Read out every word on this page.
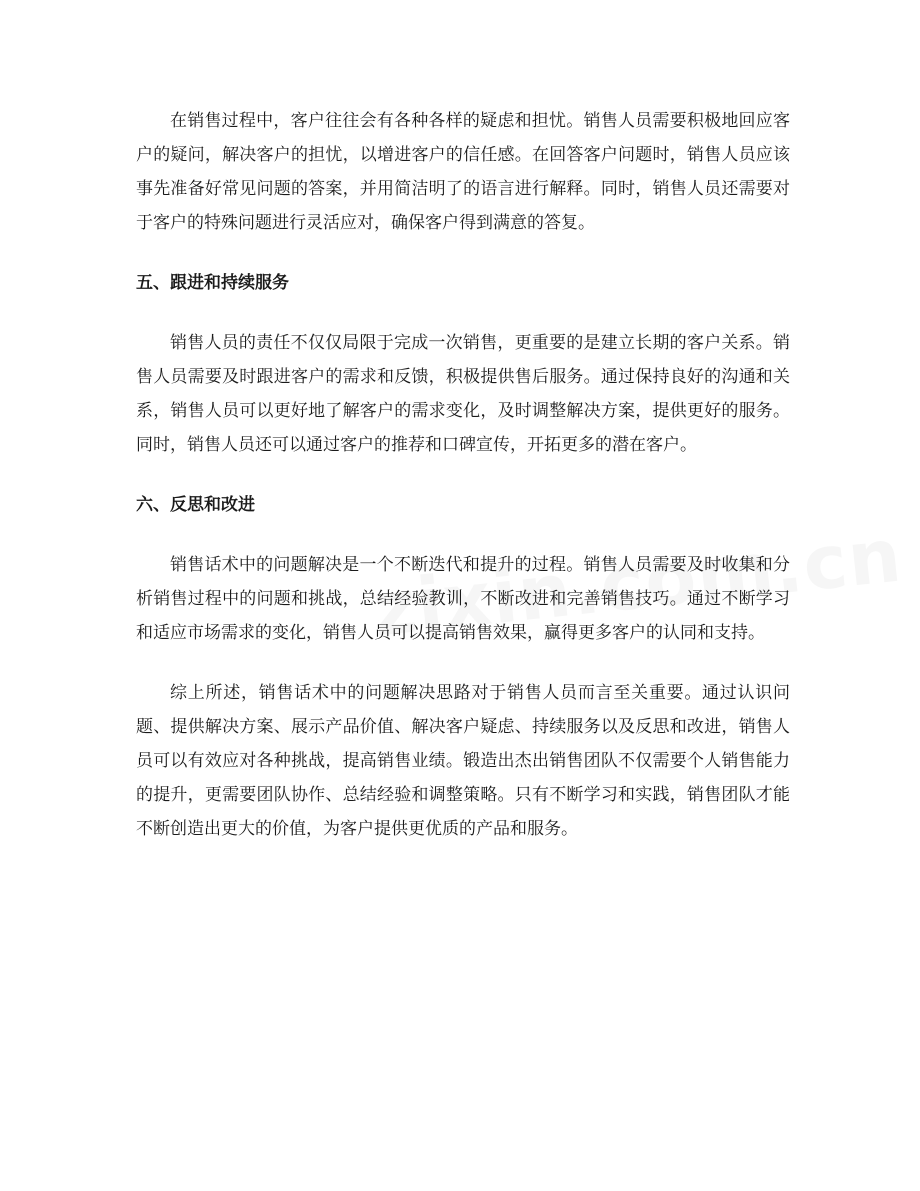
在销售过程中，客户往往会有各种各样的疑虑和担忧。销售人员需要积极地回应客户的疑问，解决客户的担忧，以增进客户的信任感。在回答客户问题时，销售人员应该事先准备好常见问题的答案，并用简洁明了的语言进行解释。同时，销售人员还需要对于客户的特殊问题进行灵活应对，确保客户得到满意的答复。

五、跟进和持续服务

销售人员的责任不仅仅局限于完成一次销售，更重要的是建立长期的客户关系。销售人员需要及时跟进客户的需求和反馈，积极提供售后服务。通过保持良好的沟通和关系，销售人员可以更好地了解客户的需求变化，及时调整解决方案，提供更好的服务。同时，销售人员还可以通过客户的推荐和口碑宣传，开拓更多的潜在客户。

六、反思和改进

销售话术中的问题解决是一个不断迭代和提升的过程。销售人员需要及时收集和分析销售过程中的问题和挑战，总结经验教训，不断改进和完善销售技巧。通过不断学习和适应市场需求的变化，销售人员可以提高销售效果，赢得更多客户的认同和支持。

综上所述，销售话术中的问题解决思路对于销售人员而言至关重要。通过认识问题、提供解决方案、展示产品价值、解决客户疑虑、持续服务以及反思和改进，销售人员可以有效应对各种挑战，提高销售业绩。锻造出杰出销售团队不仅需要个人销售能力的提升，更需要团队协作、总结经验和调整策略。只有不断学习和实践，销售团队才能不断创造出更大的价值，为客户提供更优质的产品和服务。
